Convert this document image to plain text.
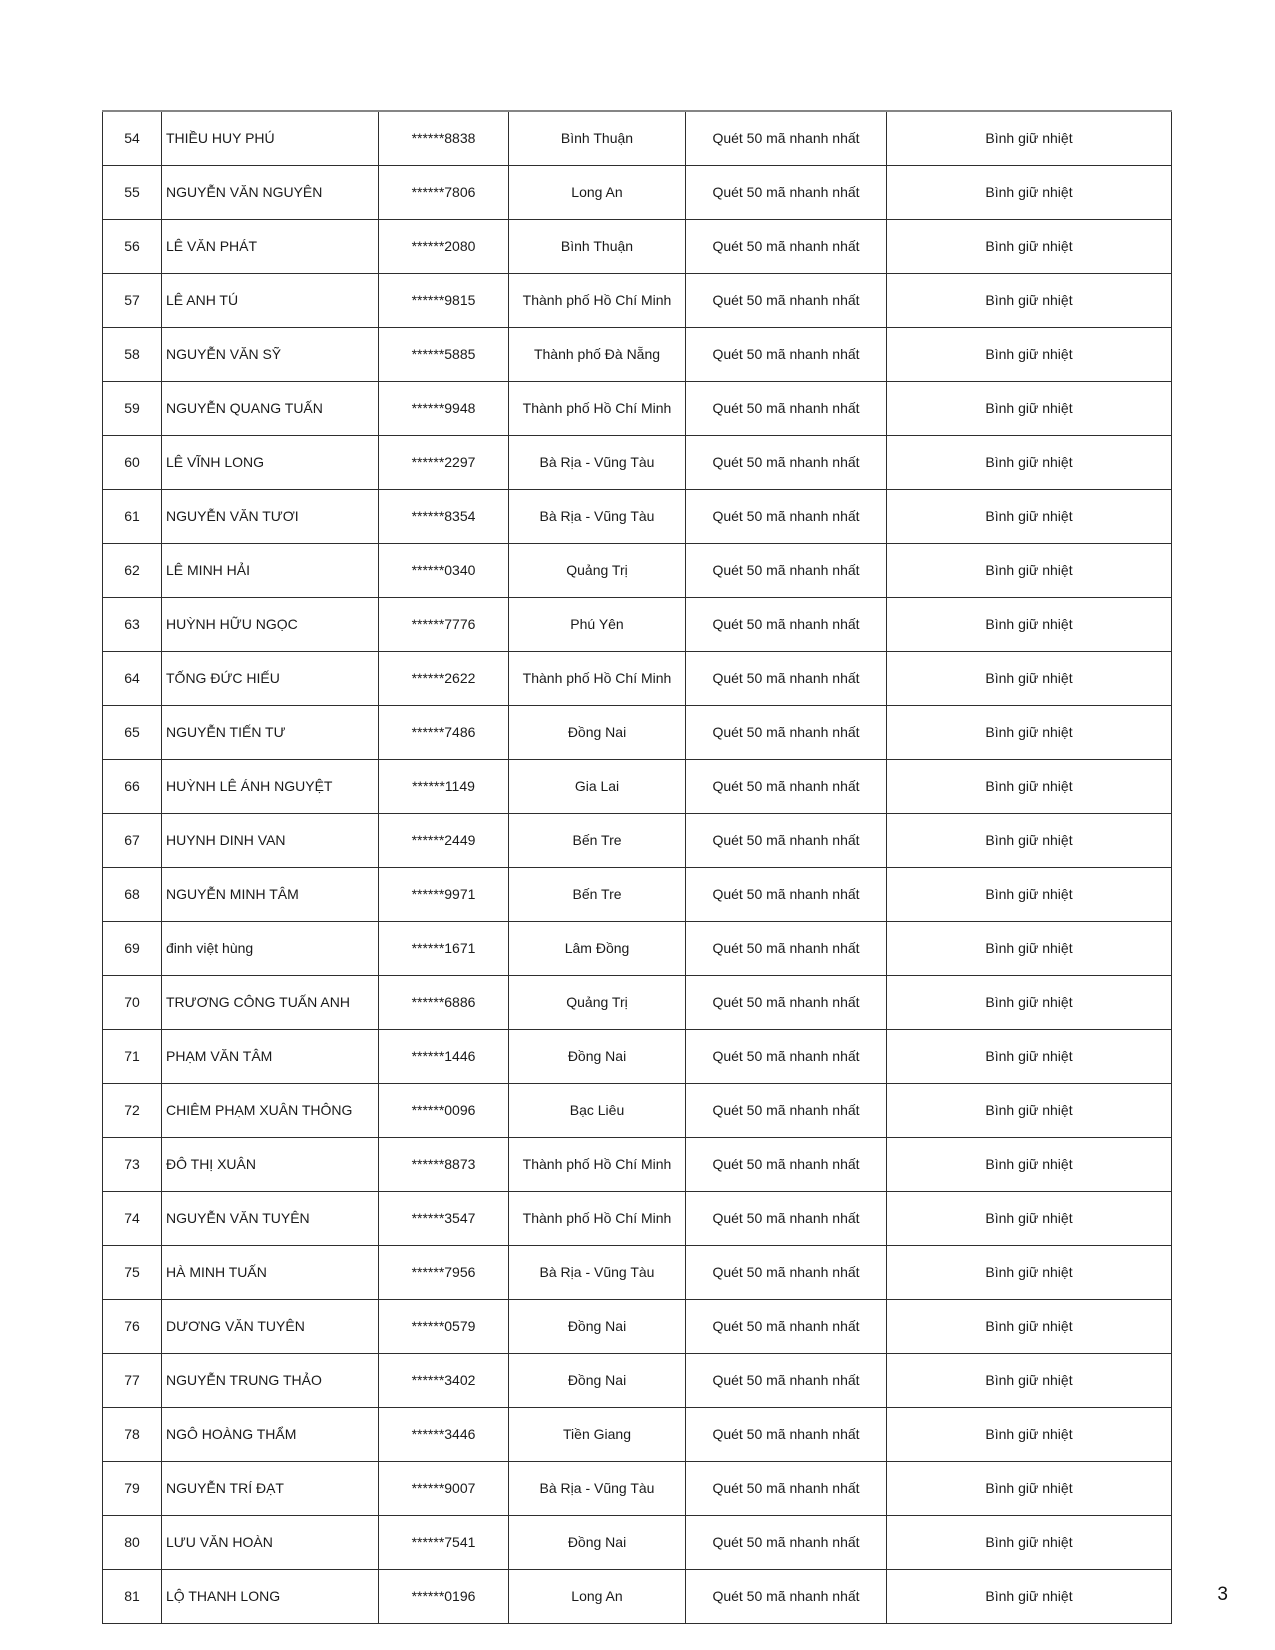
54	THIỀU HUY PHÚ	******8838	Bình Thuận	Quét 50 mã nhanh nhất	Bình giữ nhiệt
55	NGUYỄN VĂN NGUYÊN	******7806	Long An	Quét 50 mã nhanh nhất	Bình giữ nhiệt
56	LÊ VĂN PHÁT	******2080	Bình Thuận	Quét 50 mã nhanh nhất	Bình giữ nhiệt
57	LÊ ANH TÚ	******9815	Thành phố Hồ Chí Minh	Quét 50 mã nhanh nhất	Bình giữ nhiệt
58	NGUYỄN VĂN SỸ	******5885	Thành phố Đà Nẵng	Quét 50 mã nhanh nhất	Bình giữ nhiệt
59	NGUYỄN QUANG TUẤN	******9948	Thành phố Hồ Chí Minh	Quét 50 mã nhanh nhất	Bình giữ nhiệt
60	LÊ VĨNH LONG	******2297	Bà Rịa - Vũng Tàu	Quét 50 mã nhanh nhất	Bình giữ nhiệt
61	NGUYỄN VĂN TƯƠI	******8354	Bà Rịa - Vũng Tàu	Quét 50 mã nhanh nhất	Bình giữ nhiệt
62	LÊ MINH HẢI	******0340	Quảng Trị	Quét 50 mã nhanh nhất	Bình giữ nhiệt
63	HUỲNH HỮU NGỌC	******7776	Phú Yên	Quét 50 mã nhanh nhất	Bình giữ nhiệt
64	TỐNG ĐỨC HIẾU	******2622	Thành phố Hồ Chí Minh	Quét 50 mã nhanh nhất	Bình giữ nhiệt
65	NGUYỄN TIẾN TƯ	******7486	Đồng Nai	Quét 50 mã nhanh nhất	Bình giữ nhiệt
66	HUỲNH LÊ ÁNH NGUYỆT	******1149	Gia Lai	Quét 50 mã nhanh nhất	Bình giữ nhiệt
67	HUYNH DINH VAN	******2449	Bến Tre	Quét 50 mã nhanh nhất	Bình giữ nhiệt
68	NGUYỄN MINH TÂM	******9971	Bến Tre	Quét 50 mã nhanh nhất	Bình giữ nhiệt
69	đinh việt hùng	******1671	Lâm Đồng	Quét 50 mã nhanh nhất	Bình giữ nhiệt
70	TRƯƠNG CÔNG TUẤN ANH	******6886	Quảng Trị	Quét 50 mã nhanh nhất	Bình giữ nhiệt
71	PHẠM VĂN TÂM	******1446	Đồng Nai	Quét 50 mã nhanh nhất	Bình giữ nhiệt
72	CHIÊM PHẠM XUÂN THÔNG	******0096	Bạc Liêu	Quét 50 mã nhanh nhất	Bình giữ nhiệt
73	ĐÔ THỊ XUÂN	******8873	Thành phố Hồ Chí Minh	Quét 50 mã nhanh nhất	Bình giữ nhiệt
74	NGUYỄN VĂN TUYÊN	******3547	Thành phố Hồ Chí Minh	Quét 50 mã nhanh nhất	Bình giữ nhiệt
75	HÀ MINH TUẤN	******7956	Bà Rịa - Vũng Tàu	Quét 50 mã nhanh nhất	Bình giữ nhiệt
76	DƯƠNG VĂN TUYÊN	******0579	Đồng Nai	Quét 50 mã nhanh nhất	Bình giữ nhiệt
77	NGUYỄN TRUNG THẢO	******3402	Đồng Nai	Quét 50 mã nhanh nhất	Bình giữ nhiệt
78	NGÔ HOÀNG THẨM	******3446	Tiền Giang	Quét 50 mã nhanh nhất	Bình giữ nhiệt
79	NGUYỄN TRÍ ĐẠT	******9007	Bà Rịa - Vũng Tàu	Quét 50 mã nhanh nhất	Bình giữ nhiệt
80	LƯU VĂN HOÀN	******7541	Đồng Nai	Quét 50 mã nhanh nhất	Bình giữ nhiệt
81	LỘ THANH LONG	******0196	Long An	Quét 50 mã nhanh nhất	Bình giữ nhiệt	3
